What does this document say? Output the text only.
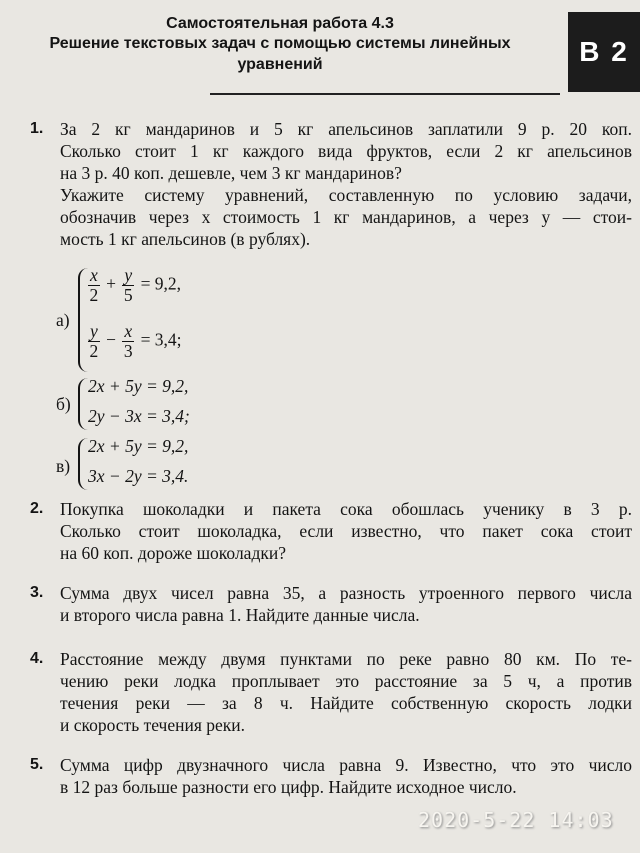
Самостоятельная работа 4.3
Решение текстовых задач с помощью системы линейных
уравнений	В 2
1. За 2 кг мандаринов и 5 кг апельсинов заплатили 9 р. 20 коп.
Сколько стоит 1 кг каждого вида фруктов, если 2 кг апельсинов
на 3 р. 40 коп. дешевле, чем 3 кг мандаринов?
Укажите систему уравнений, составленную по условию задачи,
обозначив через x стоимость 1 кг мандаринов, а через y — стои-
мость 1 кг апельсинов (в рублях).
а)
$\frac{x}{2} + \frac{y}{5} = 9,2$,
$\frac{y}{2} - \frac{x}{3} = 3,4$;
б)
2x + 5y = 9,2,
2y − 3x = 3,4;
в)
2x + 5y = 9,2,
3x − 2y = 3,4.
2. Покупка шоколадки и пакета сока обошлась ученику в 3 р.
Сколько стоит шоколадка, если известно, что пакет сока стоит
на 60 коп. дороже шоколадки?
3. Сумма двух чисел равна 35, а разность утроенного первого числа
и второго числа равна 1. Найдите данные числа.
4. Расстояние между двумя пунктами по реке равно 80 км. По те-
чению реки лодка проплывает это расстояние за 5 ч, а против
течения реки — за 8 ч. Найдите собственную скорость лодки
и скорость течения реки.
5. Сумма цифр двузначного числа равна 9. Известно, что это число
в 12 раз больше разности его цифр. Найдите исходное число.
2020-5-22 14:03
